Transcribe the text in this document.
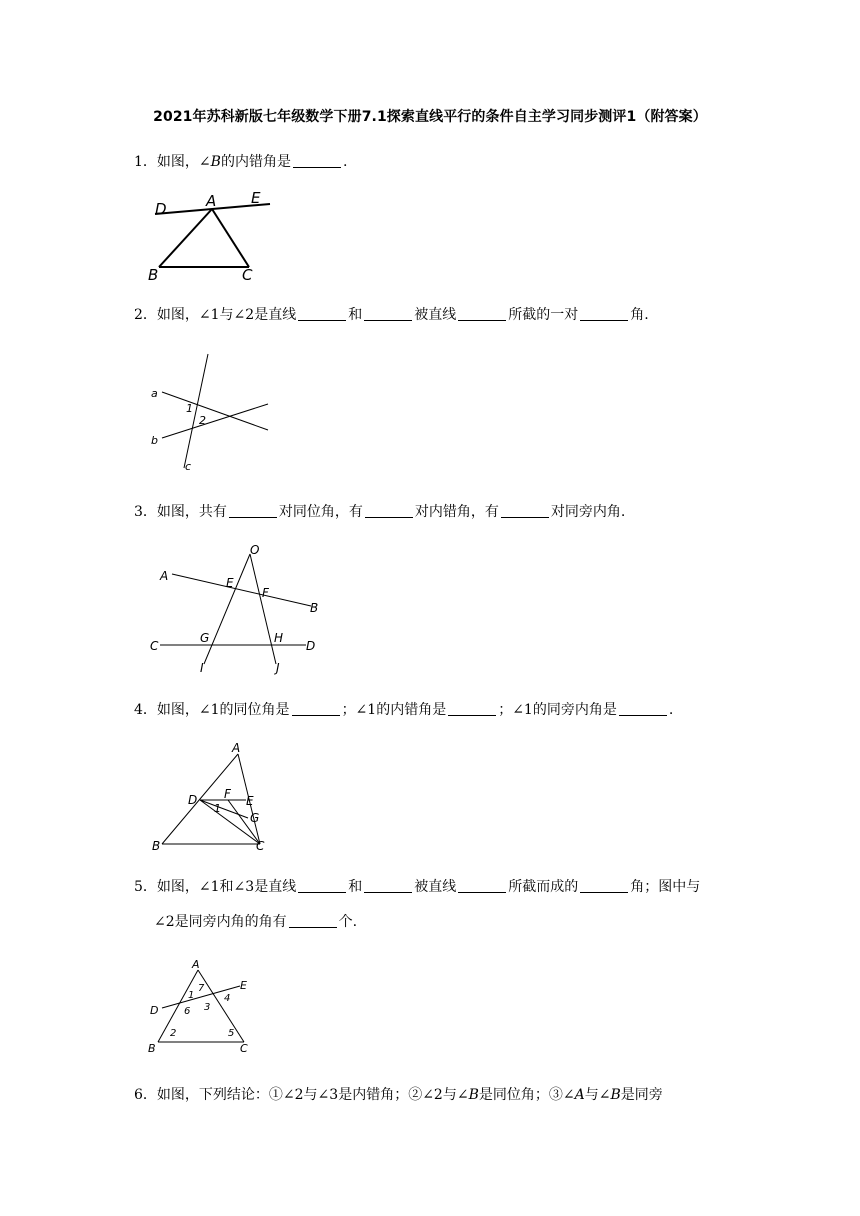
2021年苏科新版七年级数学下册7.1探索直线平行的条件自主学习同步测评1（附答案）
1．如图，∠B的内错角是	.
D	A E
B	C
2．如图，∠1与∠2是直线	和	被直线	所截的一对	角.
a
b
c
1
2
3．如图，共有	对同位角，有	对内错角，有	对同旁内角.
O
A	E
F
B
C
G	H
D
I	J
4．如图，∠1的同位角是	；∠1的内错角是	；∠1的同旁内角是	.
A
D F E
1
G
B	C
5．如图，∠1和∠3是直线	和	被直线	所截而成的	角；图中与
∠2是同旁内角的角有	个.
A
7	E
1	4
D	6 3
2	5
B	C
6．如图，下列结论：①∠2与∠3是内错角；②∠2与∠B是同位角；③∠A与∠B是同旁
